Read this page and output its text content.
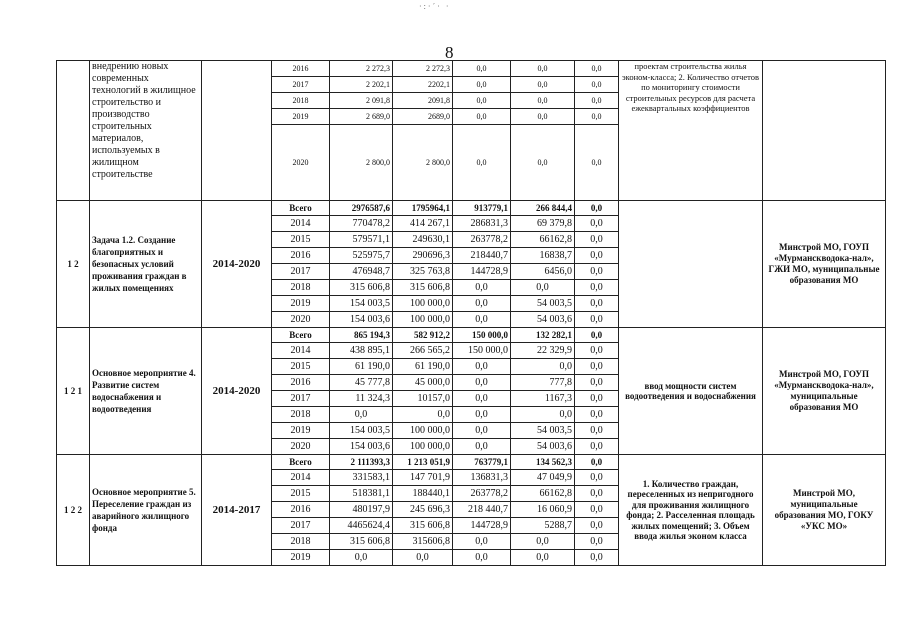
·:·´· ·
8
	внедрению новых современных технологий в жилищное строительство и производство строительных материалов, используемых в жилищном строительстве		2016	2 272,3	2 272,3	0,0	0,0	0,0	проектам строительства жилья эконом-класса; 2. Количество отчетов по мониторингу стоимости строительных ресурсов для расчета ежеквартальных коэффициентов	
			2017	2 202,1	2202,1	0,0	0,0	0,0		
			2018	2 091,8	2091,8	0,0	0,0	0,0		
			2019	2 689,0	2689,0	0,0	0,0	0,0		
			2020	2 800,0	2 800,0	0,0	0,0	0,0		
1 2	Задача 1.2. Создание благоприятных и безопасных условий проживания граждан в жилых помещениях	2014-2020	Всего	2976587,6	1795964,1	913779,1	266 844,4	0,0		Минстрой МО, ГОУП «Мурманскводока-нал», ГЖИ МО, муниципальные образования МО
			2014	770478,2	414 267,1	286831,3	69 379,8	0,0		
			2015	579571,1	249630,1	263778,2	66162,8	0,0		
			2016	525975,7	290696,3	218440,7	16838,7	0,0		
			2017	476948,7	325 763,8	144728,9	6456,0	0,0		
			2018	315 606,8	315 606,8	0,0	0,0	0,0		
			2019	154 003,5	100 000,0	0,0	54 003,5	0,0		
			2020	154 003,6	100 000,0	0,0	54 003,6	0,0		
1 2 1	Основное мероприятие 4. Развитие систем водоснабжения и водоотведения	2014-2020	Всего	865 194,3	582 912,2	150 000,0	132 282,1	0,0	ввод мощности систем водоотведения и водоснабжения	Минстрой МО, ГОУП «Мурманскводока-нал», муниципальные образования МО
			2014	438 895,1	266 565,2	150 000,0	22 329,9	0,0		
			2015	61 190,0	61 190,0	0,0	0,0	0,0		
			2016	45 777,8	45 000,0	0,0	777,8	0,0		
			2017	11 324,3	10157,0	0,0	1167,3	0,0		
			2018	0,0	0,0	0,0	0,0	0,0		
			2019	154 003,5	100 000,0	0,0	54 003,5	0,0		
			2020	154 003,6	100 000,0	0,0	54 003,6	0,0		
1 2 2	Основное мероприятие 5. Переселение граждан из аварийного жилищного фонда	2014-2017	Всего	2 111393,3	1 213 051,9	763779,1	134 562,3	0,0	1. Количество граждан, переселенных из непригодного для проживания жилищного фонда; 2. Расселенная площадь жилых помещений; 3. Объем ввода жилья эконом класса	Минстрой МО, муниципальные образования МО, ГОКУ «УКС МО»
			2014	331583,1	147 701,9	136831,3	47 049,9	0,0		
			2015	518381,1	188440,1	263778,2	66162,8	0,0		
			2016	480197,9	245 696,3	218 440,7	16 060,9	0,0		
			2017	4465624,4	315 606,8	144728,9	5288,7	0,0		
			2018	315 606,8	315606,8	0,0	0,0	0,0		
			2019	0,0	0,0	0,0	0,0	0,0		
